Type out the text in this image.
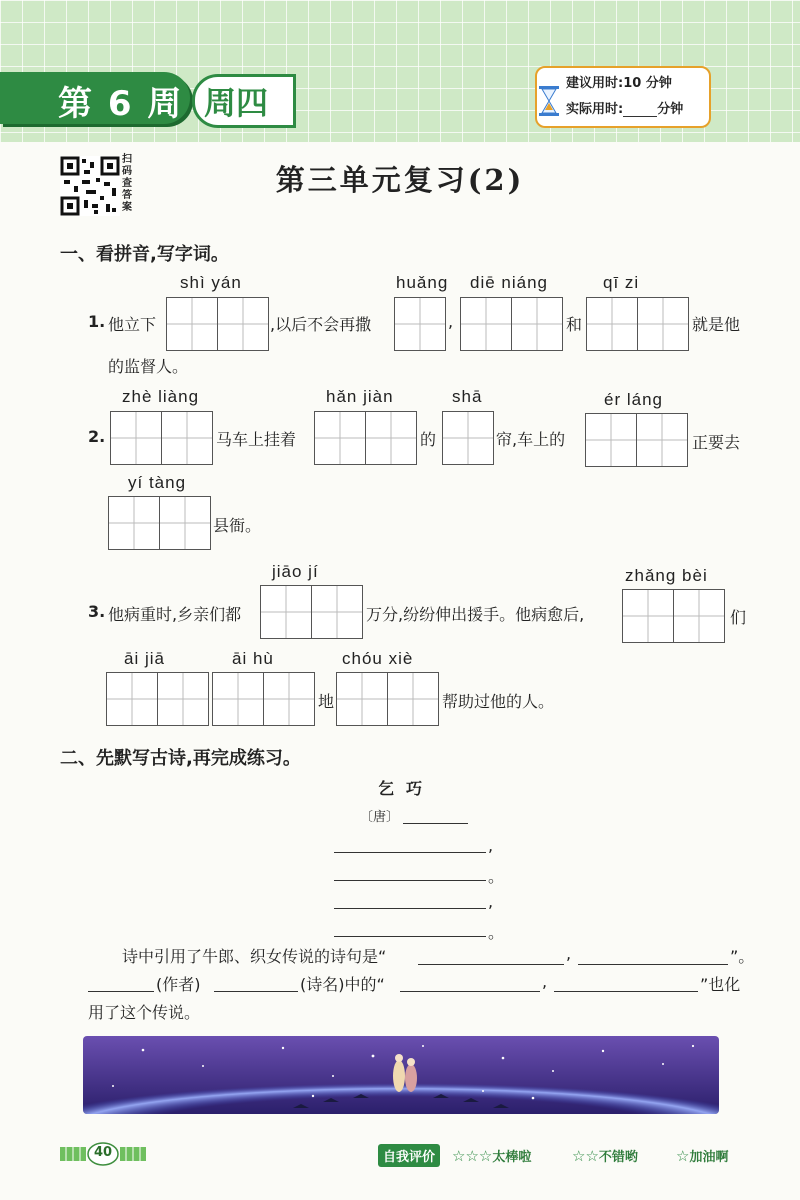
第 6 周 周四
建议用时:10 分钟
实际用时:	分钟
扫码查答案
第三单元复习(2)
一、看拼音,写字词。
shì yán	huǎng diē niáng	qī zi
1. 他立下	,以后不会再撒	,	和	就是他
的监督人。
zhè liàng	hǎn jiàn	shā	ér láng
2.	马车上挂着	的	帘,车上的	正要去
yí tàng
县衙。
jiāo jí	zhǎng bèi
3. 他病重时,乡亲们都	万分,纷纷伸出援手。他病愈后,	们
āi jiā	āi hù	chóu xiè
地	帮助过他的人。
二、先默写古诗,再完成练习。
乞巧
〔唐〕
,
。
,
。
诗中引用了牛郎、织女传说的诗句是“	,	”。
(作者)	(诗名)中的“	,	”也化
用了这个传说。
40	自我评价	☆☆☆太棒啦	☆☆不错哟	☆加油啊
